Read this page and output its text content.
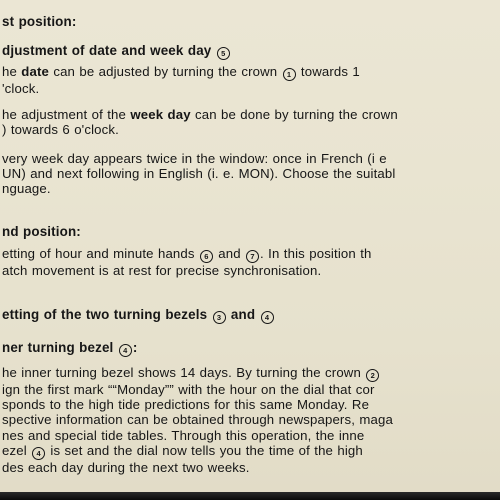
st position:
djustment of date and week day 5
he date can be adjusted by turning the crown 1 towards 1
'clock.
he adjustment of the week day can be done by turning the crown
) towards 6 o'clock.
very week day appears twice in the window: once in French (i e
UN) and next following in English (i. e. MON). Choose the suitabl
nguage.
nd position:
etting of hour and minute hands 6 and 7 . In this position th
atch movement is at rest for precise synchronisation.
etting of the two turning bezels 3 and 4
ner turning bezel 4 :
he inner turning bezel shows 14 days. By turning the crown 2
ign the first mark ““Monday”” with the hour on the dial that cor
sponds to the high tide predictions for this same Monday. Re
spective information can be obtained through newspapers, maga
nes and special tide tables. Through this operation, the inne
ezel 4 is set and the dial now tells you the time of the high
des each day during the next two weeks.
